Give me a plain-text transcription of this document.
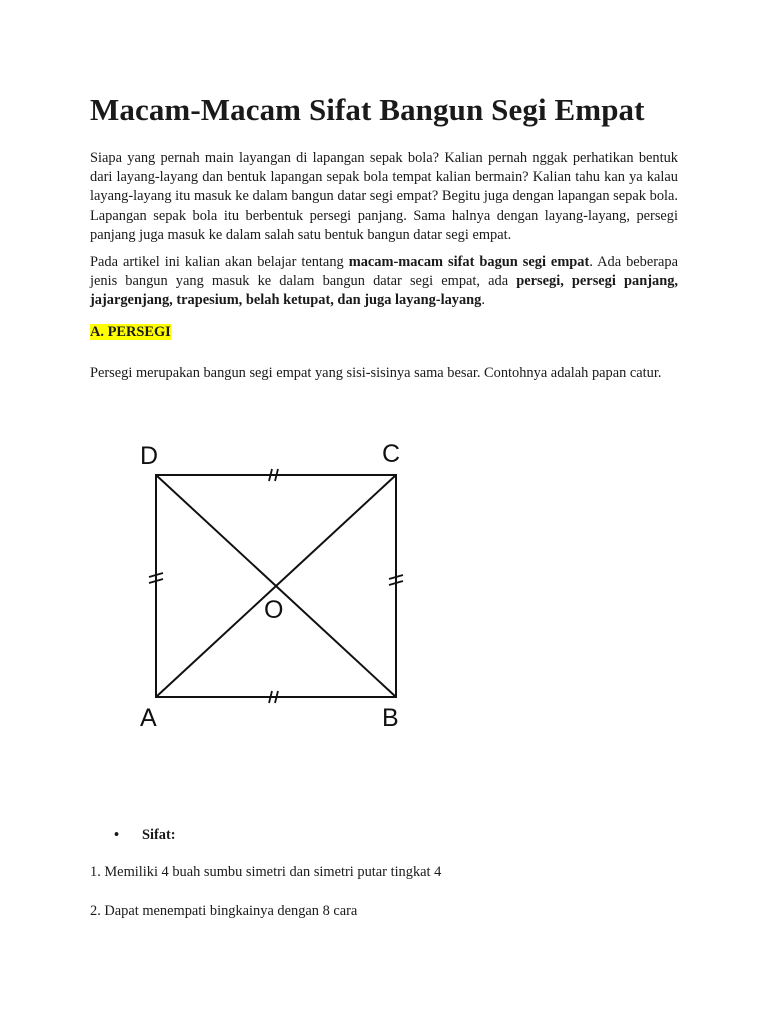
Macam-Macam Sifat Bangun Segi Empat

Siapa yang pernah main layangan di lapangan sepak bola? Kalian pernah nggak perhatikan bentuk dari layang-layang dan bentuk lapangan sepak bola tempat kalian bermain? Kalian tahu kan ya kalau layang-layang itu masuk ke dalam bangun datar segi empat? Begitu juga dengan lapangan sepak bola. Lapangan sepak bola itu berbentuk persegi panjang. Sama halnya dengan layang-layang, persegi panjang juga masuk ke dalam salah satu bentuk bangun datar segi empat.

Pada artikel ini kalian akan belajar tentang macam-macam sifat bagun segi empat. Ada beberapa jenis bangun yang masuk ke dalam bangun datar segi empat, ada persegi, persegi panjang, jajargenjang, trapesium, belah ketupat, dan juga layang-layang.

A. PERSEGI

Persegi merupakan bangun segi empat yang sisi-sisinya sama besar. Contohnya adalah papan catur.

D	C
A	B
O

• Sifat:

1. Memiliki 4 buah sumbu simetri dan simetri putar tingkat 4

2. Dapat menempati bingkainya dengan 8 cara
